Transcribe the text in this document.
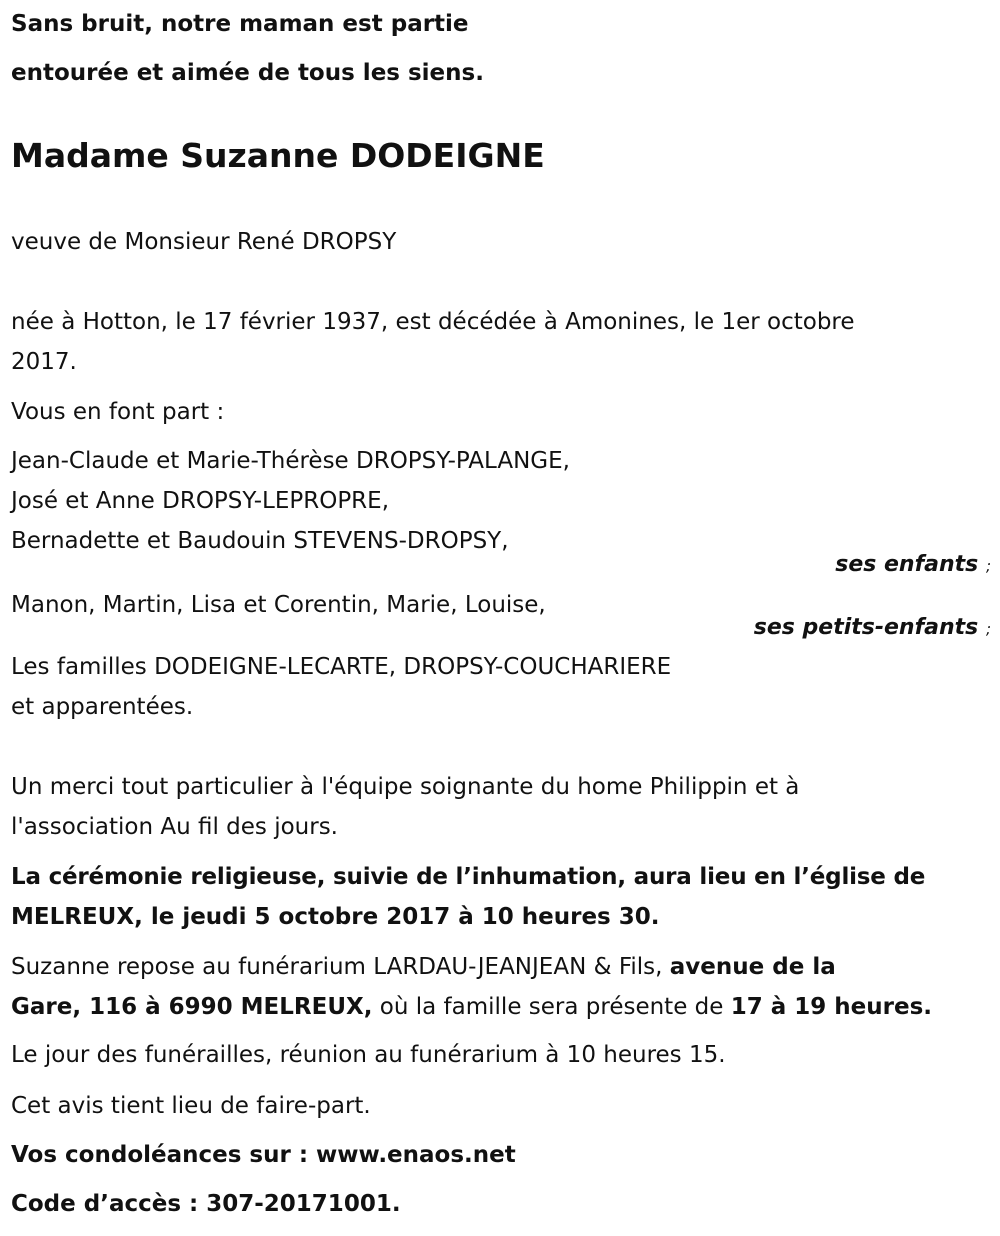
Sans bruit, notre maman est partie
entourée et aimée de tous les siens.
Madame Suzanne DODEIGNE
veuve de Monsieur René DROPSY
née à Hotton, le 17 février 1937, est décédée à Amonines, le 1er octobre
2017.
Vous en font part :
Jean-Claude et Marie-Thérèse DROPSY-PALANGE,
José et Anne DROPSY-LEPROPRE,
Bernadette et Baudouin STEVENS-DROPSY,
ses enfants ;
Manon, Martin, Lisa et Corentin, Marie, Louise,
ses petits-enfants ;
Les familles DODEIGNE-LECARTE, DROPSY-COUCHARIERE
et apparentées.
Un merci tout particulier à l'équipe soignante du home Philippin et à
l'association Au fil des jours.
La cérémonie religieuse, suivie de l’inhumation, aura lieu en l’église de
MELREUX, le jeudi 5 octobre 2017 à 10 heures 30.
Suzanne repose au funérarium LARDAU-JEANJEAN & Fils, avenue de la
Gare, 116 à 6990 MELREUX, où la famille sera présente de 17 à 19 heures.
Le jour des funérailles, réunion au funérarium à 10 heures 15.
Cet avis tient lieu de faire-part.
Vos condoléances sur : www.enaos.net
Code d’accès : 307-20171001.
